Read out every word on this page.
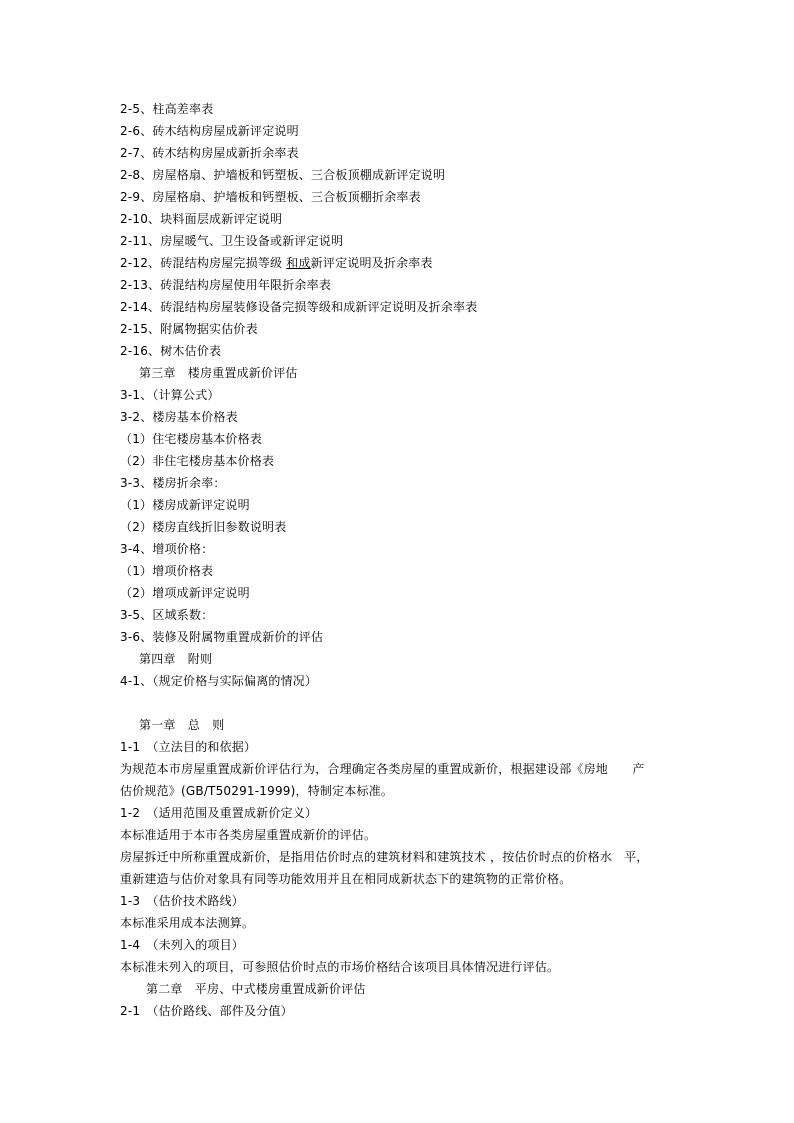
2-5、柱高差率表
2-6、砖木结构房屋成新评定说明
2-7、砖木结构房屋成新折余率表
2-8、房屋格扇、护墙板和钙塑板、三合板顶棚成新评定说明
2-9、房屋格扇、护墙板和钙塑板、三合板顶棚折余率表
2-10、块料面层成新评定说明
2-11、房屋暖气、卫生设备或新评定说明
2-12、砖混结构房屋完损等级 和成新评定说明及折余率表
2-13、砖混结构房屋使用年限折余率表
2-14、砖混结构房屋装修设备完损等级和成新评定说明及折余率表
2-15、附属物据实估价表
2-16、树木估价表
第三章　楼房重置成新价评估
3-1、（计算公式）
3-2、楼房基本价格表
（1）住宅楼房基本价格表
（2）非住宅楼房基本价格表
3-3、楼房折余率：
（1）楼房成新评定说明
（2）楼房直线折旧参数说明表
3-4、增项价格：
（1）增项价格表
（2）增项成新评定说明
3-5、区域系数：
3-6、装修及附属物重置成新价的评估
第四章　附则
4-1、（规定价格与实际偏离的情况）
第一章　总　则
1-1　（立法目的和依据）
为规范本市房屋重置成新价评估行为，合理确定各类房屋的重置成新价，根据建设部《房地　　产
估价规范》(GB/T50291-1999)，特制定本标准。
1-2　（适用范围及重置成新价定义）
本标准适用于本市各类房屋重置成新价的评估。
房屋拆迁中所称重置成新价，是指用估价时点的建筑材料和建筑技术 ，按估价时点的价格水　平，
重新建造与估价对象具有同等功能效用并且在相同成新状态下的建筑物的正常价格。
1-3　（估价技术路线）
本标准采用成本法测算。
1-4　（未列入的项目）
本标准未列入的项目，可参照估价时点的市场价格结合该项目具体情况进行评估。
第二章　平房、中式楼房重置成新价评估
2-1　（估价路线、部件及分值）
